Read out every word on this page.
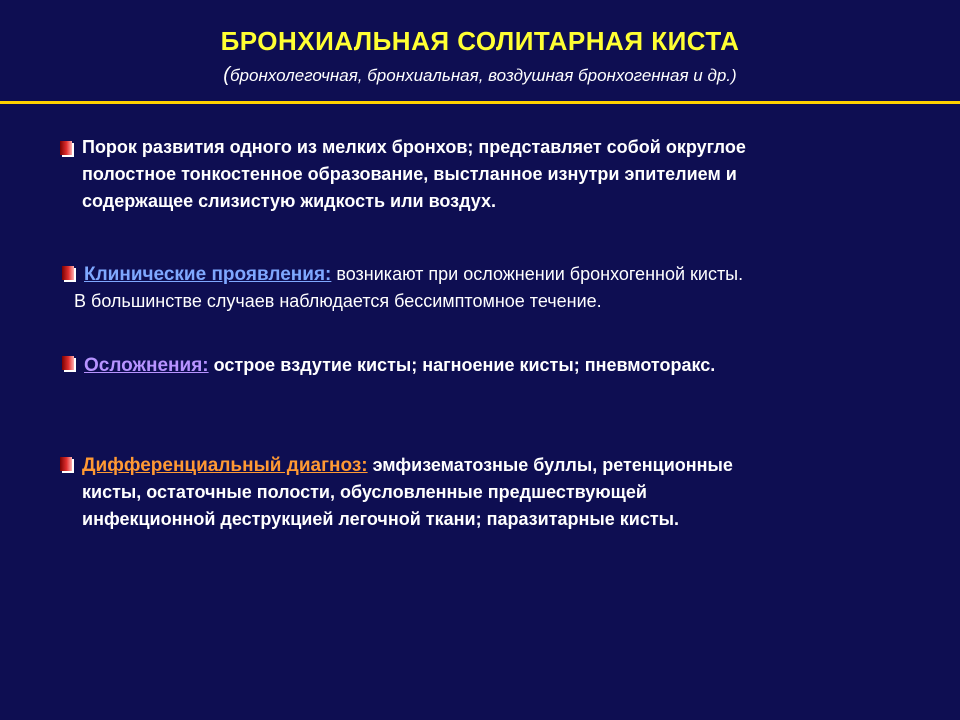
БРОНХИАЛЬНАЯ СОЛИТАРНАЯ КИСТА
(бронхолегочная, бронхиальная, воздушная бронхогенная и др.)
Порок развития одного из мелких бронхов; представляет собой округлое
полостное тонкостенное образование, выстланное изнутри эпителием и
содержащее слизистую жидкость или воздух.
Клинические проявления: возникают при осложнении бронхогенной кисты.
В большинстве случаев наблюдается бессимптомное течение.
Осложнения: острое вздутие кисты; нагноение кисты; пневмоторакс.
Дифференциальный диагноз: эмфизематозные буллы, ретенционные
кисты, остаточные полости, обусловленные предшествующей
инфекционной деструкцией легочной ткани; паразитарные кисты.
